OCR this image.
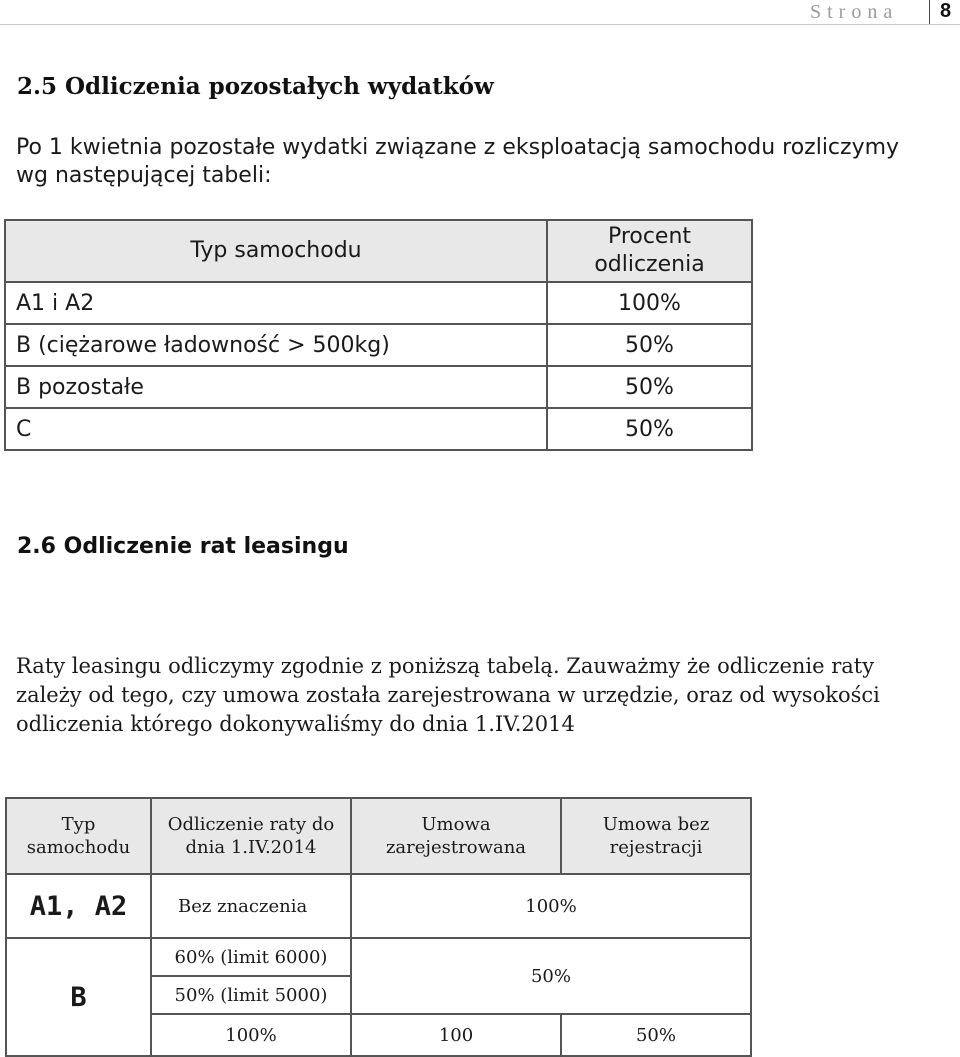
Strona 8
2.5 Odliczenia pozostałych wydatków

Po 1 kwietnia pozostałe wydatki związane z eksploatacją samochodu rozliczymy wg następującej tabeli:

Typ samochodu	Procent odliczenia
A1 i A2	100%
B (ciężarowe ładowność > 500kg)	50%
B pozostałe	50%
C	50%
2.6 Odliczenie rat leasingu

Raty leasingu odliczymy zgodnie z poniższą tabelą. Zauważmy że odliczenie raty zależy od tego, czy umowa została zarejestrowana w urzędzie, oraz od wysokości odliczenia którego dokonywaliśmy do dnia 1.IV.2014

Typ samochodu	Odliczenie raty do dnia 1.IV.2014	Umowa zarejestrowana	Umowa bez rejestracji
A1, A2	Bez znaczenia	100%	
B	60% (limit 6000)	50%	
	50% (limit 5000)		
	100%	100	50%
